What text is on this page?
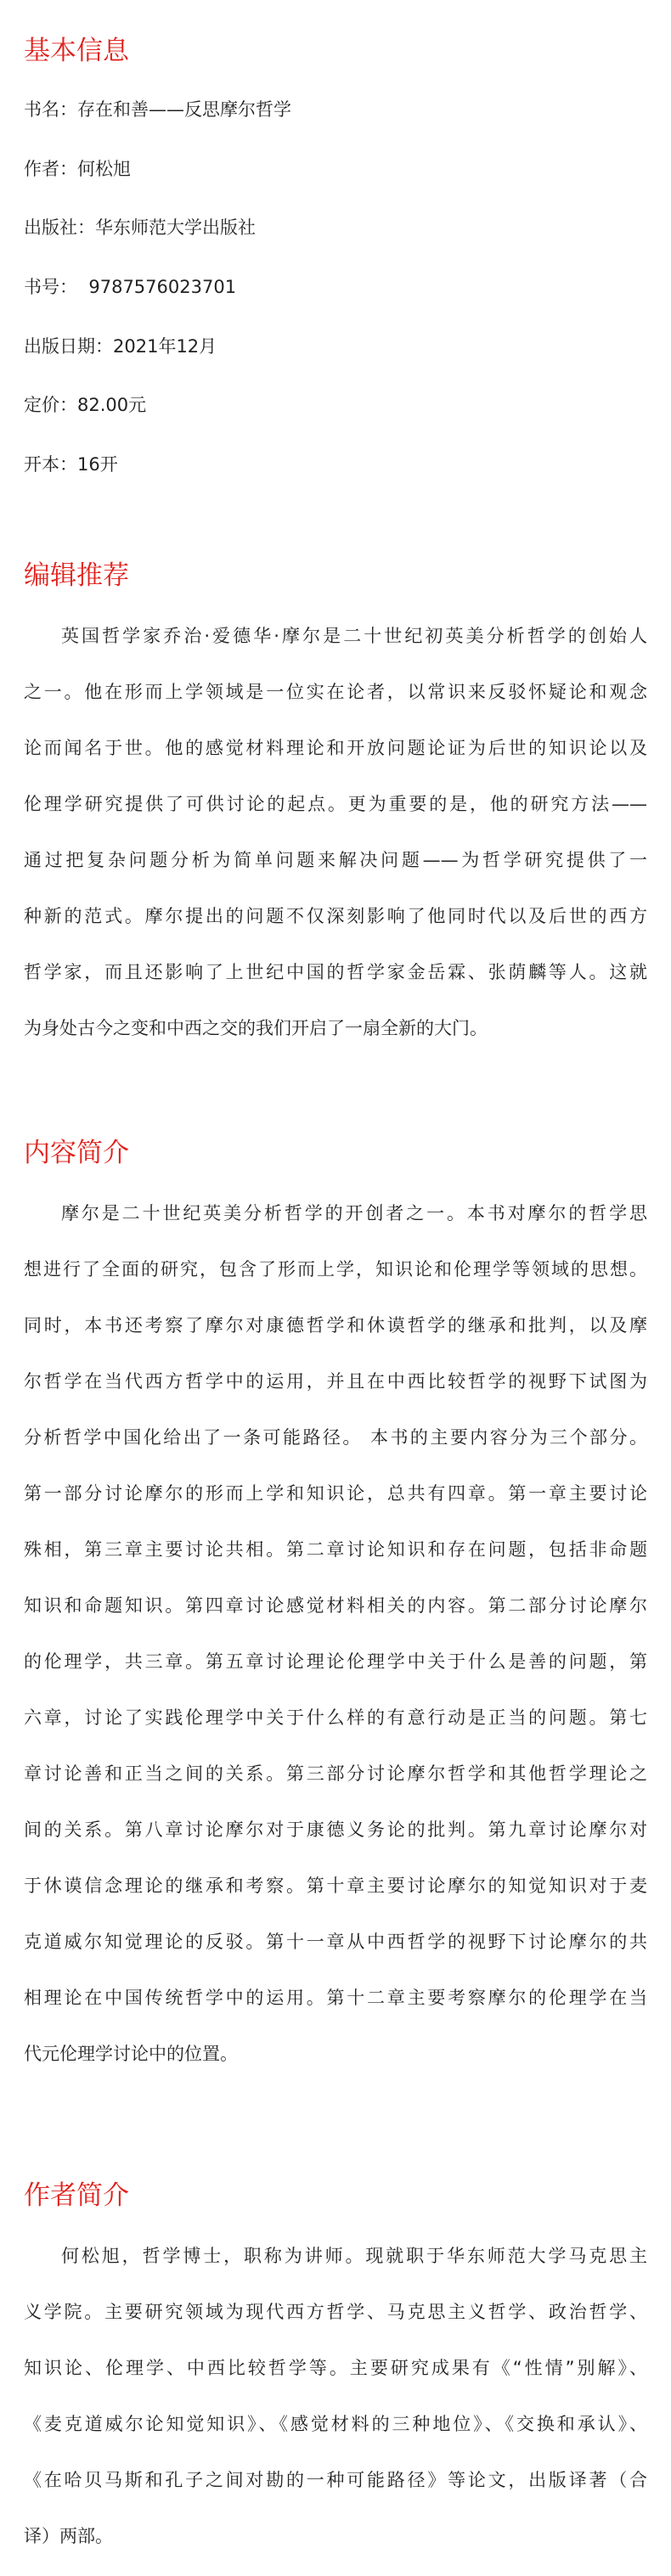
基本信息
书名：存在和善——反思摩尔哲学
作者：何松旭
出版社：华东师范大学出版社
书号：  9787576023701
出版日期：2021年12月
定价：82.00元
开本：16开
编辑推荐
英国哲学家乔治·爱德华·摩尔是二十世纪初英美分析哲学的创始人
之一。他在形而上学领域是一位实在论者，以常识来反驳怀疑论和观念
论而闻名于世。他的感觉材料理论和开放问题论证为后世的知识论以及
伦理学研究提供了可供讨论的起点。更为重要的是，他的研究方法——
通过把复杂问题分析为简单问题来解决问题——为哲学研究提供了一
种新的范式。摩尔提出的问题不仅深刻影响了他同时代以及后世的西方
哲学家，而且还影响了上世纪中国的哲学家金岳霖、张荫麟等人。这就
为身处古今之变和中西之交的我们开启了一扇全新的大门。
内容简介
摩尔是二十世纪英美分析哲学的开创者之一。本书对摩尔的哲学思
想进行了全面的研究，包含了形而上学，知识论和伦理学等领域的思想。
同时，本书还考察了摩尔对康德哲学和休谟哲学的继承和批判，以及摩
尔哲学在当代西方哲学中的运用，并且在中西比较哲学的视野下试图为
分析哲学中国化给出了一条可能路径。 本书的主要内容分为三个部分。
第一部分讨论摩尔的形而上学和知识论，总共有四章。第一章主要讨论
殊相，第三章主要讨论共相。第二章讨论知识和存在问题，包括非命题
知识和命题知识。第四章讨论感觉材料相关的内容。第二部分讨论摩尔
的伦理学，共三章。第五章讨论理论伦理学中关于什么是善的问题，第
六章，讨论了实践伦理学中关于什么样的有意行动是正当的问题。第七
章讨论善和正当之间的关系。第三部分讨论摩尔哲学和其他哲学理论之
间的关系。第八章讨论摩尔对于康德义务论的批判。第九章讨论摩尔对
于休谟信念理论的继承和考察。第十章主要讨论摩尔的知觉知识对于麦
克道威尔知觉理论的反驳。第十一章从中西哲学的视野下讨论摩尔的共
相理论在中国传统哲学中的运用。第十二章主要考察摩尔的伦理学在当
代元伦理学讨论中的位置。
作者简介
何松旭，哲学博士，职称为讲师。现就职于华东师范大学马克思主
义学院。主要研究领域为现代西方哲学、马克思主义哲学、政治哲学、
知识论、伦理学、中西比较哲学等。主要研究成果有《“性情”别解》、
《麦克道威尔论知觉知识》、《感觉材料的三种地位》、《交换和承认》、
《在哈贝马斯和孔子之间对勘的一种可能路径》等论文，出版译著（合
译）两部。
